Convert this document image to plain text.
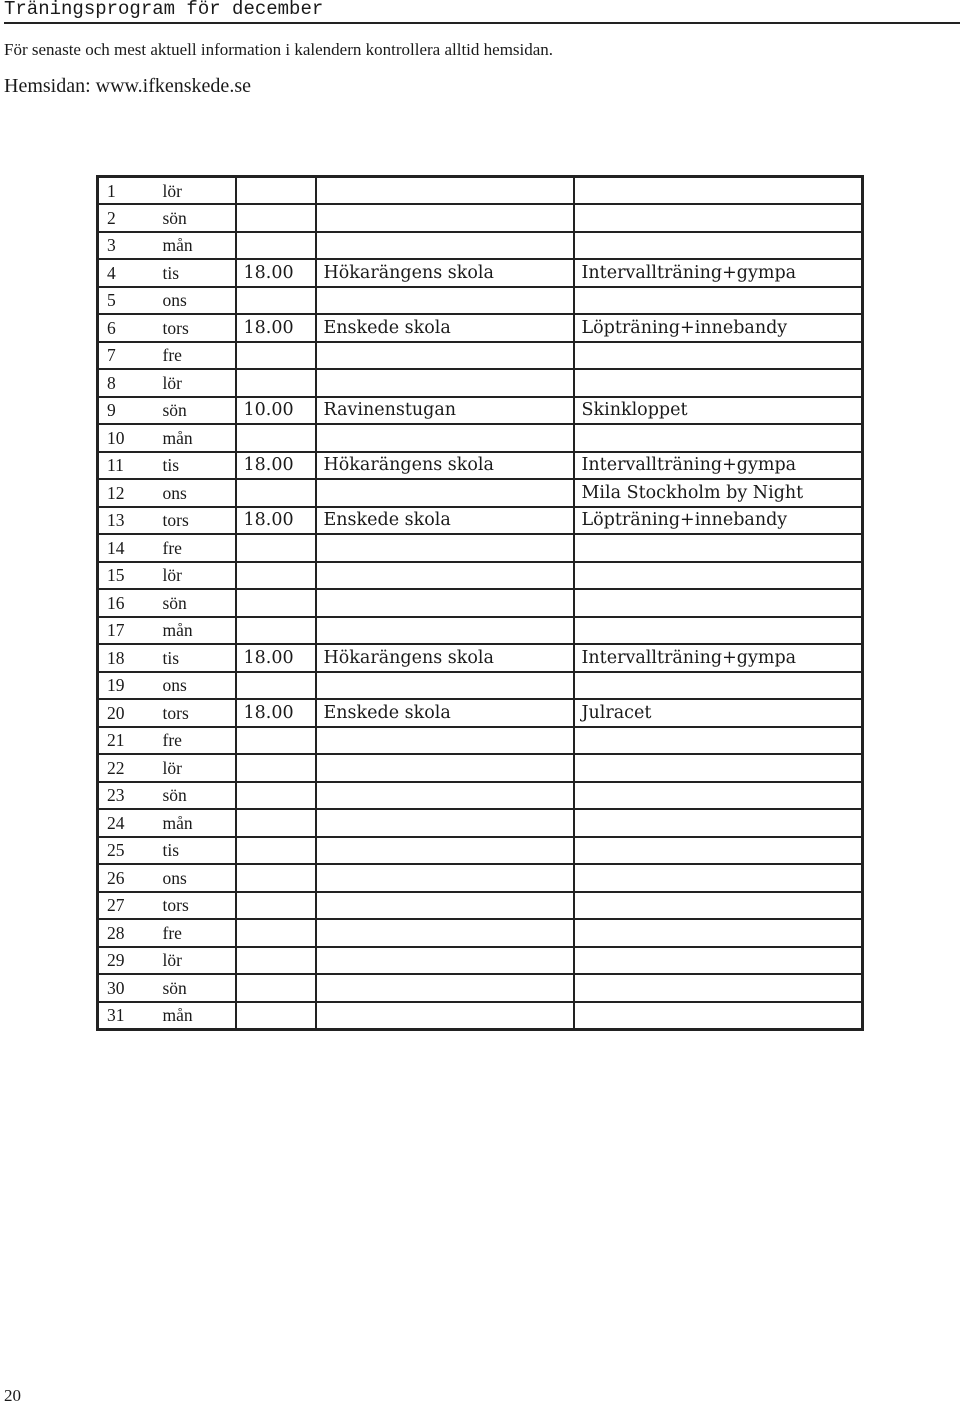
Träningsprogram för december
För senaste och mest aktuell information i kalendern kontrollera alltid hemsidan.
Hemsidan: www.ifkenskede.se
1	lör			
2	sön			
3	mån			
4	tis	18.00	Hökarängens skola	Intervallträning+gympa
5	ons			
6	tors	18.00	Enskede skola	Löpträning+innebandy
7	fre			
8	lör			
9	sön	10.00	Ravinenstugan	Skinkloppet
10	mån			
11	tis	18.00	Hökarängens skola	Intervallträning+gympa
12	ons			Mila Stockholm by Night
13	tors	18.00	Enskede skola	Löpträning+innebandy
14	fre			
15	lör			
16	sön			
17	mån			
18	tis	18.00	Hökarängens skola	Intervallträning+gympa
19	ons			
20	tors	18.00	Enskede skola	Julracet
21	fre			
22	lör			
23	sön			
24	mån			
25	tis			
26	ons			
27	tors			
28	fre			
29	lör			
30	sön			
31	mån			
20
